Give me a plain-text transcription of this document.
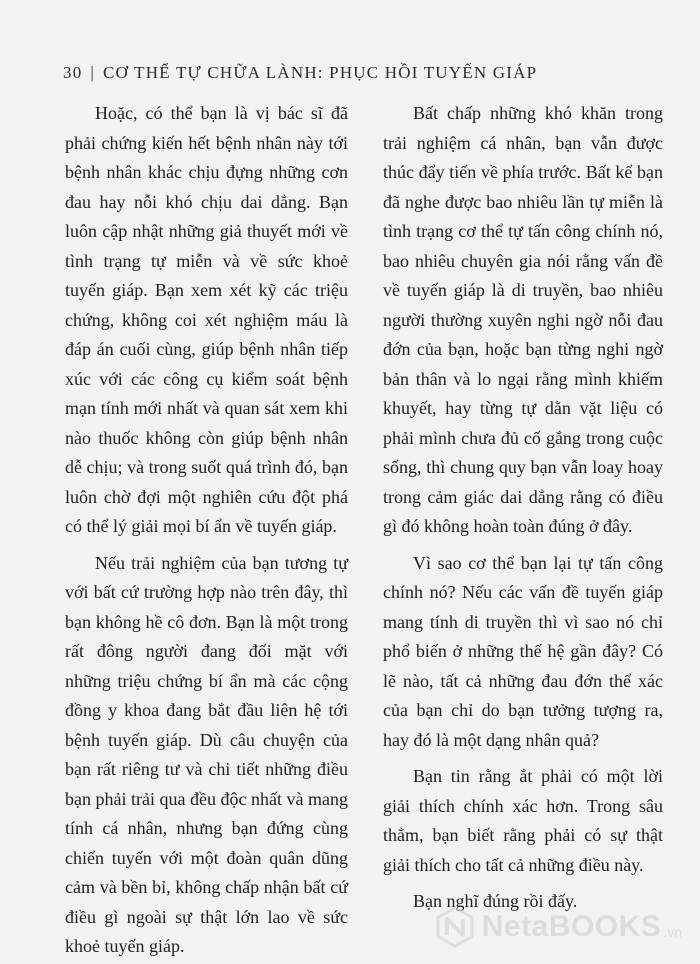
30 | CƠ THỂ TỰ CHỮA LÀNH: PHỤC HỒI TUYẾN GIÁP

Hoặc, có thể bạn là vị bác sĩ đã phải chứng kiến hết bệnh nhân này tới bệnh nhân khác chịu đựng những cơn đau hay nỗi khó chịu dai dẳng. Bạn luôn cập nhật những giả thuyết mới về tình trạng tự miễn và về sức khoẻ tuyến giáp. Bạn xem xét kỹ các triệu chứng, không coi xét nghiệm máu là đáp án cuối cùng, giúp bệnh nhân tiếp xúc với các công cụ kiểm soát bệnh mạn tính mới nhất và quan sát xem khi nào thuốc không còn giúp bệnh nhân dễ chịu; và trong suốt quá trình đó, bạn luôn chờ đợi một nghiên cứu đột phá có thể lý giải mọi bí ẩn về tuyến giáp.

Nếu trải nghiệm của bạn tương tự với bất cứ trường hợp nào trên đây, thì bạn không hề cô đơn. Bạn là một trong rất đông người đang đối mặt với những triệu chứng bí ẩn mà các cộng đồng y khoa đang bắt đầu liên hệ tới bệnh tuyến giáp. Dù câu chuyện của bạn rất riêng tư và chi tiết những điều bạn phải trải qua đều độc nhất và mang tính cá nhân, nhưng bạn đứng cùng chiến tuyến với một đoàn quân dũng cảm và bền bỉ, không chấp nhận bất cứ điều gì ngoài sự thật lớn lao về sức khoẻ tuyến giáp.

Bất chấp những khó khăn trong trải nghiệm cá nhân, bạn vẫn được thúc đẩy tiến về phía trước. Bất kể bạn đã nghe được bao nhiêu lần tự miễn là tình trạng cơ thể tự tấn công chính nó, bao nhiêu chuyên gia nói rằng vấn đề về tuyến giáp là di truyền, bao nhiêu người thường xuyên nghi ngờ nỗi đau đớn của bạn, hoặc bạn từng nghi ngờ bản thân và lo ngại rằng mình khiếm khuyết, hay từng tự dằn vặt liệu có phải mình chưa đủ cố gắng trong cuộc sống, thì chung quy bạn vẫn loay hoay trong cảm giác dai dẳng rằng có điều gì đó không hoàn toàn đúng ở đây.

Vì sao cơ thể bạn lại tự tấn công chính nó? Nếu các vấn đề tuyến giáp mang tính di truyền thì vì sao nó chỉ phổ biến ở những thế hệ gần đây? Có lẽ nào, tất cả những đau đớn thể xác của bạn chỉ do bạn tưởng tượng ra, hay đó là một dạng nhân quả?

Bạn tin rằng ắt phải có một lời giải thích chính xác hơn. Trong sâu thẳm, bạn biết rằng phải có sự thật giải thích cho tất cả những điều này.

Bạn nghĩ đúng rồi đấy.

NetaBOOKS .vn
